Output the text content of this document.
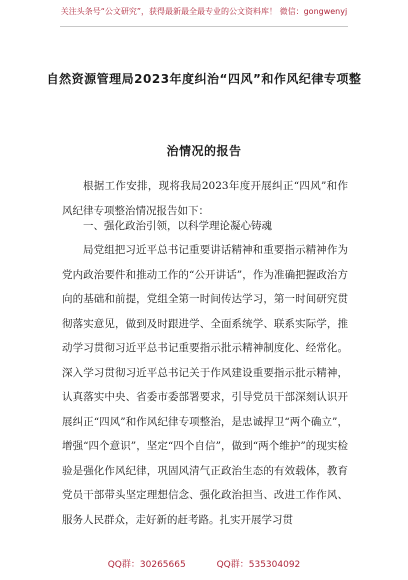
关注头条号“公文研究”，获得最新最全最专业的公文资料库！ 微信：gongwenyj
自然资源管理局2023年度纠治“四风”和作风纪律专项整
治情况的报告
根据工作安排，现将我局2023年度开展纠正“四风”和作风纪律专项整治情况报告如下：
一、强化政治引领，以科学理论凝心铸魂
局党组把习近平总书记重要讲话精神和重要指示精神作为党内政治要件和推动工作的“公开讲话”，作为准确把握政治方向的基础和前提，党组全第一时间传达学习，第一时间研究贯彻落实意见，做到及时跟进学、全面系统学、联系实际学，推动学习贯彻习近平总书记重要指示批示精神制度化、经常化。深入学习贯彻习近平总书记关于作风建设重要指示批示精神，认真落实中央、省委市委部署要求，引导党员干部深刻认识开展纠正“四风”和作风纪律专项整治，是忠诚捍卫“两个确立”，增强“四个意识”，坚定“四个自信”，做到“两个维护”的现实检验是强化作风纪律，巩固风清气正政治生态的有效载体，教育党员干部带头坚定理想信念、强化政治担当、改进工作作风、服务人民群众，走好新的赶考路。扎实开展学习贯
QQ群：30265665	QQ群：535304092
